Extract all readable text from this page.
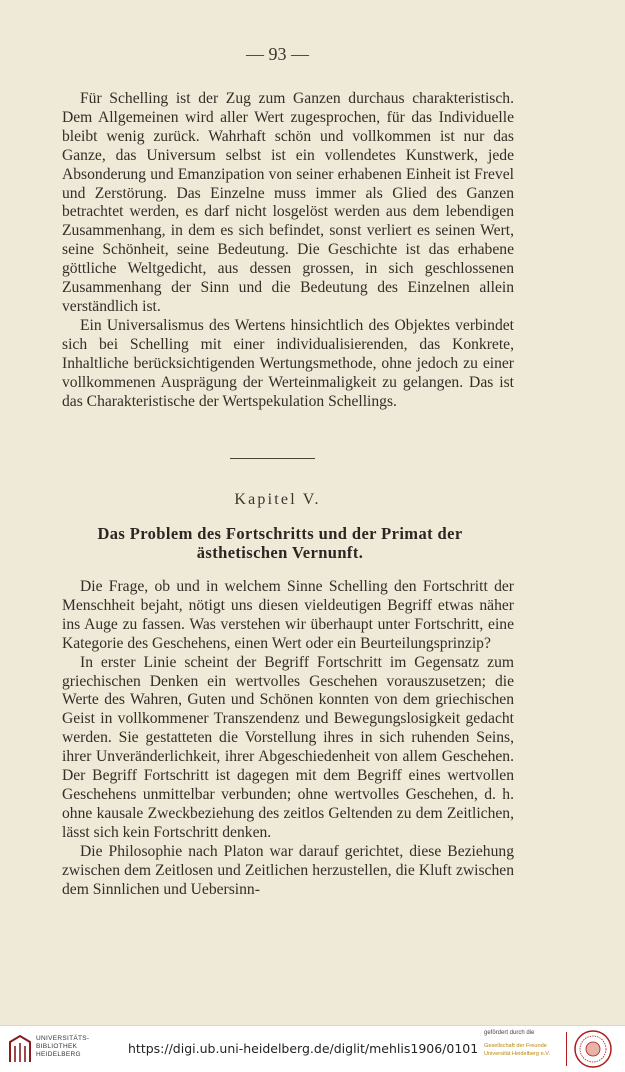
— 93 —

Für Schelling ist der Zug zum Ganzen durchaus charakteristisch. Dem Allgemeinen wird aller Wert zugesprochen, für das Individuelle bleibt wenig zurück. Wahrhaft schön und vollkommen ist nur das Ganze, das Universum selbst ist ein vollendetes Kunstwerk, jede Absonderung und Emanzipation von seiner erhabenen Einheit ist Frevel und Zerstörung. Das Einzelne muss immer als Glied des Ganzen betrachtet werden, es darf nicht losgelöst werden aus dem lebendigen Zusammenhang, in dem es sich befindet, sonst verliert es seinen Wert, seine Schönheit, seine Bedeutung. Die Geschichte ist das erhabene göttliche Weltgedicht, aus dessen grossen, in sich geschlossenen Zusammenhang der Sinn und die Bedeutung des Einzelnen allein verständlich ist.

Ein Universalismus des Wertens hinsichtlich des Objektes verbindet sich bei Schelling mit einer individualisierenden, das Konkrete, Inhaltliche berücksichtigenden Wertungsmethode, ohne jedoch zu einer vollkommenen Ausprägung der Werteinmaligkeit zu gelangen. Das ist das Charakteristische der Wertspekulation Schellings.

Kapitel V.
Das Problem des Fortschritts und der Primat der
ästhetischen Vernunft.

Die Frage, ob und in welchem Sinne Schelling den Fortschritt der Menschheit bejaht, nötigt uns diesen vieldeutigen Begriff etwas näher ins Auge zu fassen. Was verstehen wir überhaupt unter Fortschritt, eine Kategorie des Geschehens, einen Wert oder ein Beurteilungsprinzip?

In erster Linie scheint der Begriff Fortschritt im Gegensatz zum griechischen Denken ein wertvolles Geschehen vorauszusetzen; die Werte des Wahren, Guten und Schönen konnten von dem griechischen Geist in vollkommener Transzendenz und Bewegungslosigkeit gedacht werden. Sie gestatteten die Vorstellung ihres in sich ruhenden Seins, ihrer Unveränderlichkeit, ihrer Abgeschiedenheit von allem Geschehen. Der Begriff Fortschritt ist dagegen mit dem Begriff eines wertvollen Geschehens unmittelbar verbunden; ohne wertvolles Geschehen, d. h. ohne kausale Zweckbeziehung des zeitlos Geltenden zu dem Zeitlichen, lässt sich kein Fortschritt denken.

Die Philosophie nach Platon war darauf gerichtet, diese Beziehung zwischen dem Zeitlosen und Zeitlichen herzustellen, die Kluft zwischen dem Sinnlichen und Uebersinn-

UNIVERSITÄTS-
BIBLIOTHEK
HEIDELBERG	https://digi.ub.uni-heidelberg.de/diglit/mehlis1906/0101
gefördert durch die
Gesellschaft der Freunde
Universität Heidelberg e.V.
